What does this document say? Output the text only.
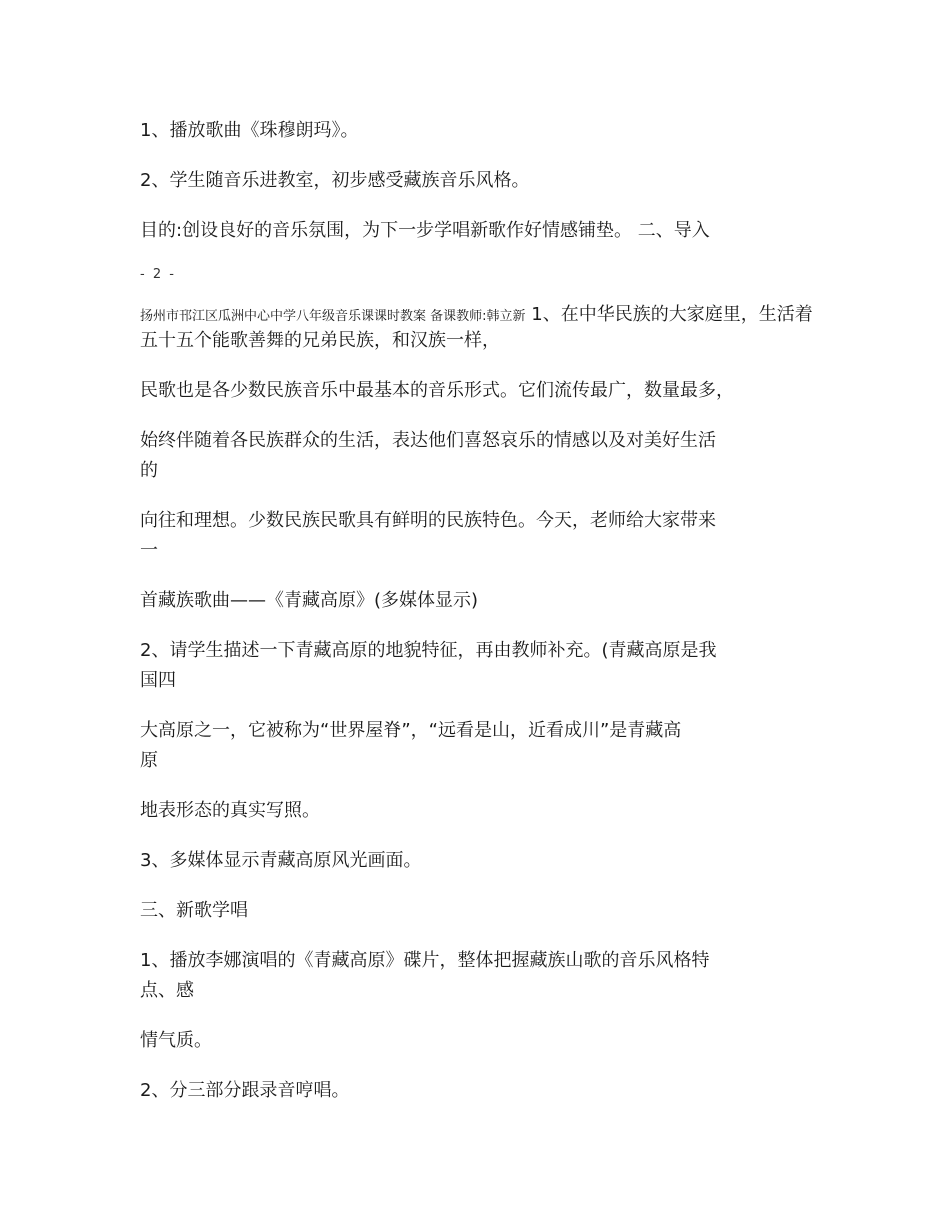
1、播放歌曲《珠穆朗玛》。

2、学生随音乐进教室，初步感受藏族音乐风格。

目的:创设良好的音乐氛围，为下一步学唱新歌作好情感铺垫。 二、导入

- 2 -

扬州市邗江区瓜洲中心中学八年级音乐课课时教案 备课教师:韩立新 1、在中华民族的大家庭里，生活着五十五个能歌善舞的兄弟民族，和汉族一样，

民歌也是各少数民族音乐中最基本的音乐形式。它们流传最广，数量最多，

始终伴随着各民族群众的生活，表达他们喜怒哀乐的情感以及对美好生活

的

向往和理想。少数民族民歌具有鲜明的民族特色。今天，老师给大家带来

一

首藏族歌曲——《青藏高原》(多媒体显示)

2、请学生描述一下青藏高原的地貌特征，再由教师补充。(青藏高原是我

国四

大高原之一，它被称为“世界屋脊”，“远看是山，近看成川”是青藏高

原

地表形态的真实写照。

3、多媒体显示青藏高原风光画面。

三、新歌学唱

1、播放李娜演唱的《青藏高原》碟片，整体把握藏族山歌的音乐风格特

点、感

情气质。

2、分三部分跟录音哼唱。
